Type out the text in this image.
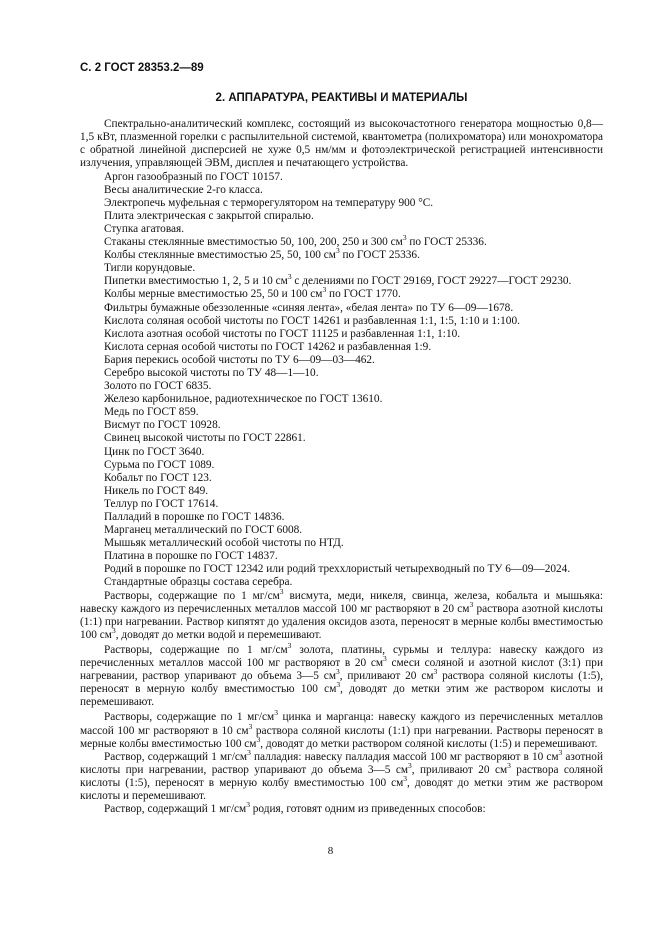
С. 2 ГОСТ 28353.2—89
2. АППАРАТУРА, РЕАКТИВЫ И МАТЕРИАЛЫ

Спектрально-аналитический комплекс, состоящий из высокочастотного генератора мощностью 0,8—1,5 кВт, плазменной горелки с распылительной системой, квантометра (полихроматора) или монохроматора с обратной линейной дисперсией не хуже 0,5 нм/мм и фотоэлектрической регистрацией интенсивности излучения, управляющей ЭВМ, дисплея и печатающего устройства.

Аргон газообразный по ГОСТ 10157.

Весы аналитические 2-го класса.

Электропечь муфельная с терморегулятором на температуру 900 °С.

Плита электрическая с закрытой спиралью.

Ступка агатовая.

Стаканы стеклянные вместимостью 50, 100, 200, 250 и 300 $см^3$ по ГОСТ 25336.

Колбы стеклянные вместимостью 25, 50, 100 $см^3$ по ГОСТ 25336.

Тигли корундовые.

Пипетки вместимостью 1, 2, 5 и 10 $см^3$ с делениями по ГОСТ 29169, ГОСТ 29227—ГОСТ 29230.

Колбы мерные вместимостью 25, 50 и 100 $см^3$ по ГОСТ 1770.

Фильтры бумажные обеззоленные «синяя лента», «белая лента» по ТУ 6—09—1678.

Кислота соляная особой чистоты по ГОСТ 14261 и разбавленная 1:1, 1:5, 1:10 и 1:100.

Кислота азотная особой чистоты по ГОСТ 11125 и разбавленная 1:1, 1:10.

Кислота серная особой чистоты по ГОСТ 14262 и разбавленная 1:9.

Бария перекись особой чистоты по ТУ 6—09—03—462.

Серебро высокой чистоты по ТУ 48—1—10.

Золото по ГОСТ 6835.

Железо карбонильное, радиотехническое по ГОСТ 13610.

Медь по ГОСТ 859.

Висмут по ГОСТ 10928.

Свинец высокой чистоты по ГОСТ 22861.

Цинк по ГОСТ 3640.

Сурьма по ГОСТ 1089.

Кобальт по ГОСТ 123.

Никель по ГОСТ 849.

Теллур по ГОСТ 17614.

Палладий в порошке по ГОСТ 14836.

Марганец металлический по ГОСТ 6008.

Мышьяк металлический особой чистоты по НТД.

Платина в порошке по ГОСТ 14837.

Родий в порошке по ГОСТ 12342 или родий треххлористый четырехводный по ТУ 6—09—2024.

Стандартные образцы состава серебра.

Растворы, содержащие по 1 $мг/см^3$ висмута, меди, никеля, свинца, железа, кобальта и мышьяка: навеску каждого из перечисленных металлов массой 100 мг растворяют в 20 $см^3$ раствора азотной кислоты (1:1) при нагревании. Раствор кипятят до удаления оксидов азота, переносят в мерные колбы вместимостью 100 $см^3$, доводят до метки водой и перемешивают.

Растворы, содержащие по 1 $мг/см^3$ золота, платины, сурьмы и теллура: навеску каждого из перечисленных металлов массой 100 мг растворяют в 20 $см^3$ смеси соляной и азотной кислот (3:1) при нагревании, раствор упаривают до объема 3—5 $см^3$, приливают 20 $см^3$ раствора соляной кислоты (1:5), переносят в мерную колбу вместимостью 100 $см^3$, доводят до метки этим же раствором кислоты и перемешивают.

Растворы, содержащие по 1 $мг/см^3$ цинка и марганца: навеску каждого из перечисленных металлов массой 100 мг растворяют в 10 $см^3$ раствора соляной кислоты (1:1) при нагревании. Растворы переносят в мерные колбы вместимостью 100 $см^3$, доводят до метки раствором соляной кислоты (1:5) и перемешивают.

Раствор, содержащий 1 $мг/см^3$ палладия: навеску палладия массой 100 мг растворяют в 10 $см^3$ азотной кислоты при нагревании, раствор упаривают до объема 3—5 $см^3$, приливают 20 $см^3$ раствора соляной кислоты (1:5), переносят в мерную колбу вместимостью 100 $см^3$, доводят до метки этим же раствором кислоты и перемешивают.

Раствор, содержащий 1 $мг/см^3$ родия, готовят одним из приведенных способов:

8
